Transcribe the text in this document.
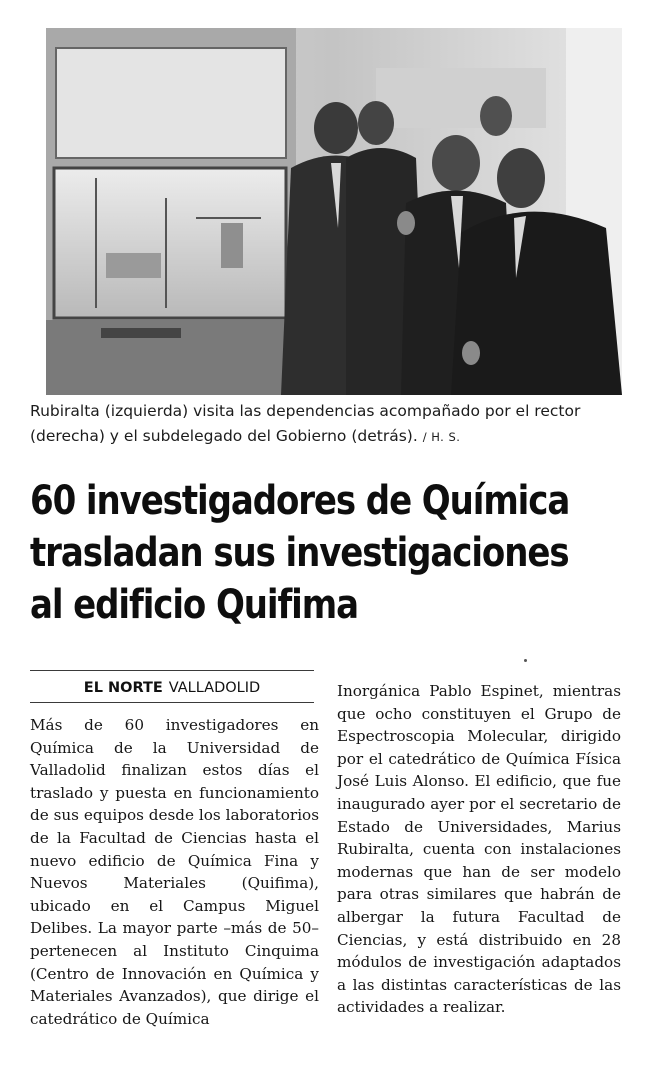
Rubiralta (izquierda) visita las dependencias acompañado por el rector (derecha) y el subdelegado del Gobierno (detrás). / H. S.
60 investigadores de Química
trasladan sus investigaciones
al edificio Quifima
EL NORTE VALLADOLID

Más de 60 investigadores en Química de la Universidad de Valladolid finalizan estos días el traslado y puesta en funcionamiento de sus equipos desde los laboratorios de la Facultad de Ciencias hasta el nuevo edificio de Química Fina y Nuevos Materiales (Quifima), ubicado en el Campus Miguel Delibes. La mayor parte –más de 50– pertenecen al Instituto Cinquima (Centro de Innovación en Química y Materiales Avanzados), que dirige el catedrático de Química

Inorgánica Pablo Espinet, mientras que ocho constituyen el Grupo de Espectroscopia Molecular, dirigido por el catedrático de Química Física José Luis Alonso. El edificio, que fue inaugurado ayer por el secretario de Estado de Universidades, Marius Rubiralta, cuenta con instalaciones modernas que han de ser modelo para otras similares que habrán de albergar la futura Facultad de Ciencias, y está distribuido en 28 módulos de investigación adaptados a las distintas características de las actividades a realizar.
